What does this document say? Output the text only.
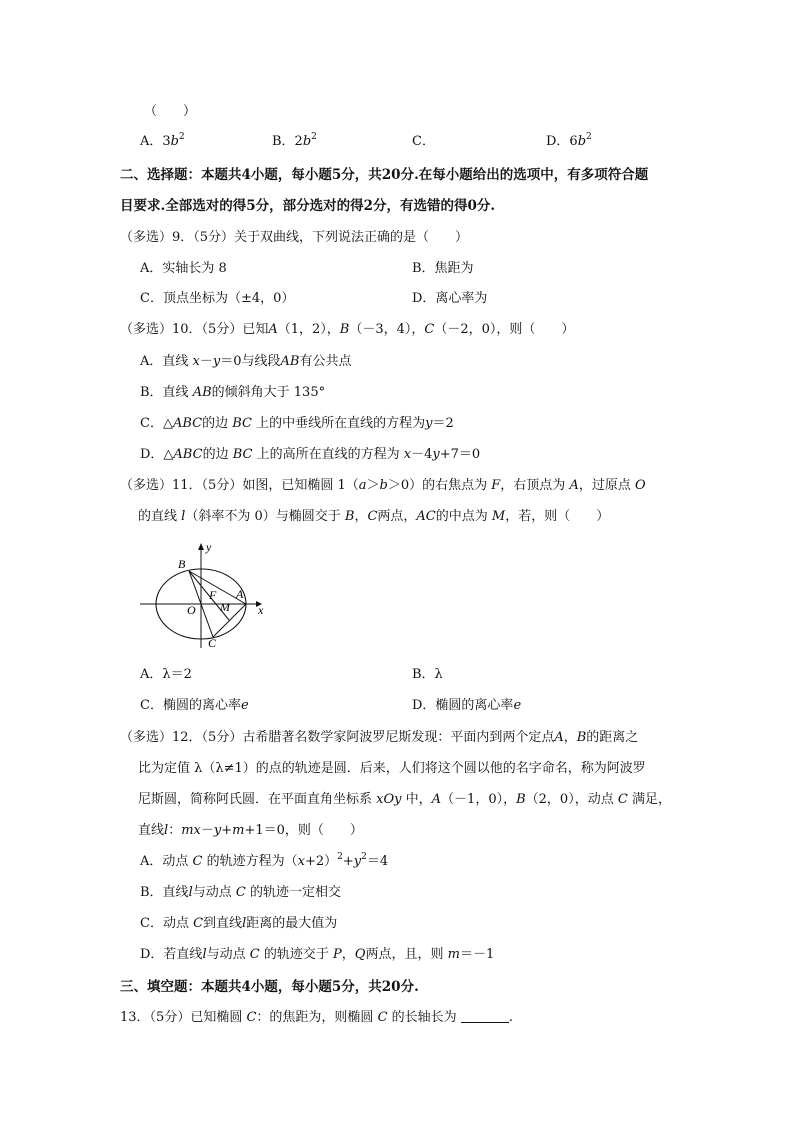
（　　）
A．$3b^2$	B．$2b^2$	C．	D．$6b^2$
二、选择题：本题共4小题，每小题5分，共20分.在每小题给出的选项中，有多项符合题
目要求.全部选对的得5分，部分选对的得2分，有选错的得0分.
（多选）9．（5分）关于双曲线，下列说法正确的是（　　）
A．实轴长为 8	B．焦距为
C．顶点坐标为（±4，0）	D．离心率为
（多选）10．（5分）已知A（1，2），B（－3，4），C（－2，0），则（　　）
A．直线 x－y＝0与线段AB有公共点
B．直线 AB的倾斜角大于 135°
C．△ABC的边 BC 上的中垂线所在直线的方程为y＝2
D．△ABC的边 BC 上的高所在直线的方程为 x－4y+7＝0
（多选）11．（5分）如图，已知椭圆 1（a＞b＞0）的右焦点为 F，右顶点为 A，过原点 O
的直线 l（斜率不为 0）与椭圆交于 B，C两点，AC的中点为 M，若，则（　　）
y
x
B
F A
O M
C
A．λ＝2	B．λ
C．椭圆的离心率e	D．椭圆的离心率e
（多选）12．（5分）古希腊著名数学家阿波罗尼斯发现：平面内到两个定点A，B的距离之
比为定值 λ（λ≠1）的点的轨迹是圆．后来，人们将这个圆以他的名字命名，称为阿波罗
尼斯圆，简称阿氏圆．在平面直角坐标系 xOy 中，A（－1，0），B（2，0），动点 C 满足，
直线l：mx－y+m+1＝0，则（　　）
A．动点 C 的轨迹方程为$(x+2)^2+y^2=4$
B．直线l与动点 C 的轨迹一定相交
C．动点 C到直线l距离的最大值为
D．若直线l与动点 C 的轨迹交于 P，Q两点，且，则 m＝－1
三、填空题：本题共4小题，每小题5分，共20分.
13．（5分）已知椭圆 C：的焦距为，则椭圆 C 的长轴长为	.
